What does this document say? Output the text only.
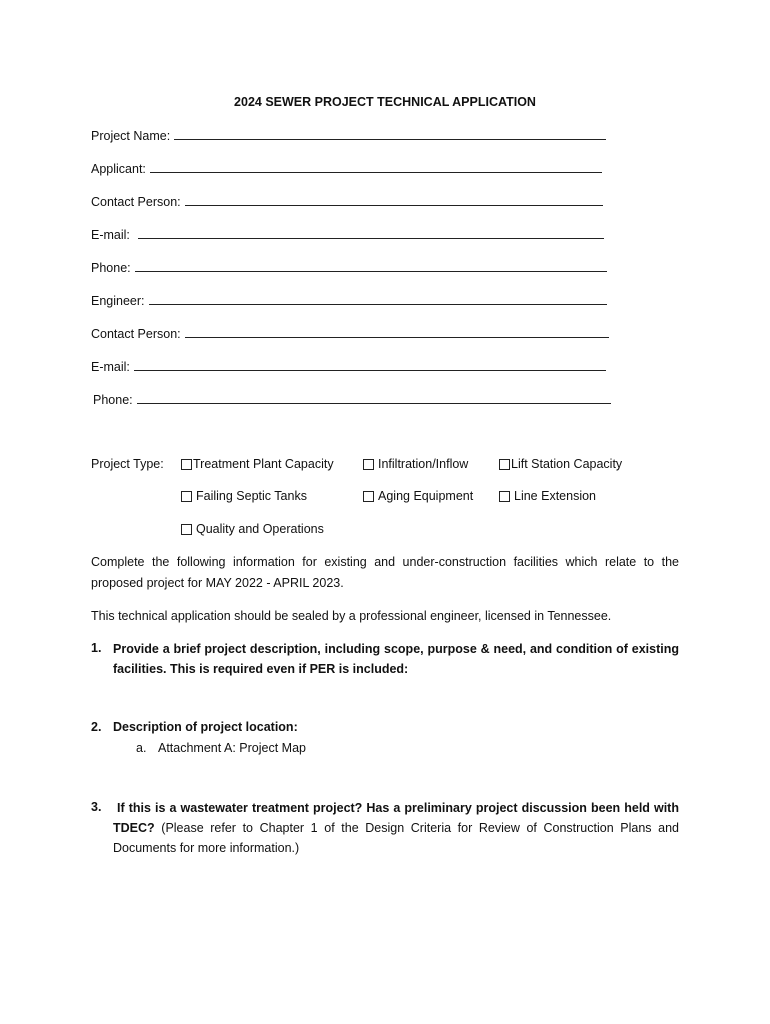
2024 SEWER PROJECT TECHNICAL APPLICATION
Project Name:
Applicant:
Contact Person:
E-mail:
Phone:
Engineer:
Contact Person:
E-mail:
Phone:
Project Type: Treatment Plant Capacity	Infiltration/Inflow	Lift Station Capacity
Failing Septic Tanks	Aging Equipment	Line Extension
Quality and Operations
Complete the following information for existing and under-construction facilities which relate to the proposed project for MAY 2022 - APRIL 2023.
This technical application should be sealed by a professional engineer, licensed in Tennessee.
1. Provide a brief project description, including scope, purpose & need, and condition of existing facilities. This is required even if PER is included:
2. Description of project location:
a. Attachment A: Project Map
3.	If this is a wastewater treatment project? Has a preliminary project discussion been held with TDEC? (Please refer to Chapter 1 of the Design Criteria for Review of Construction Plans and Documents for more information.)
